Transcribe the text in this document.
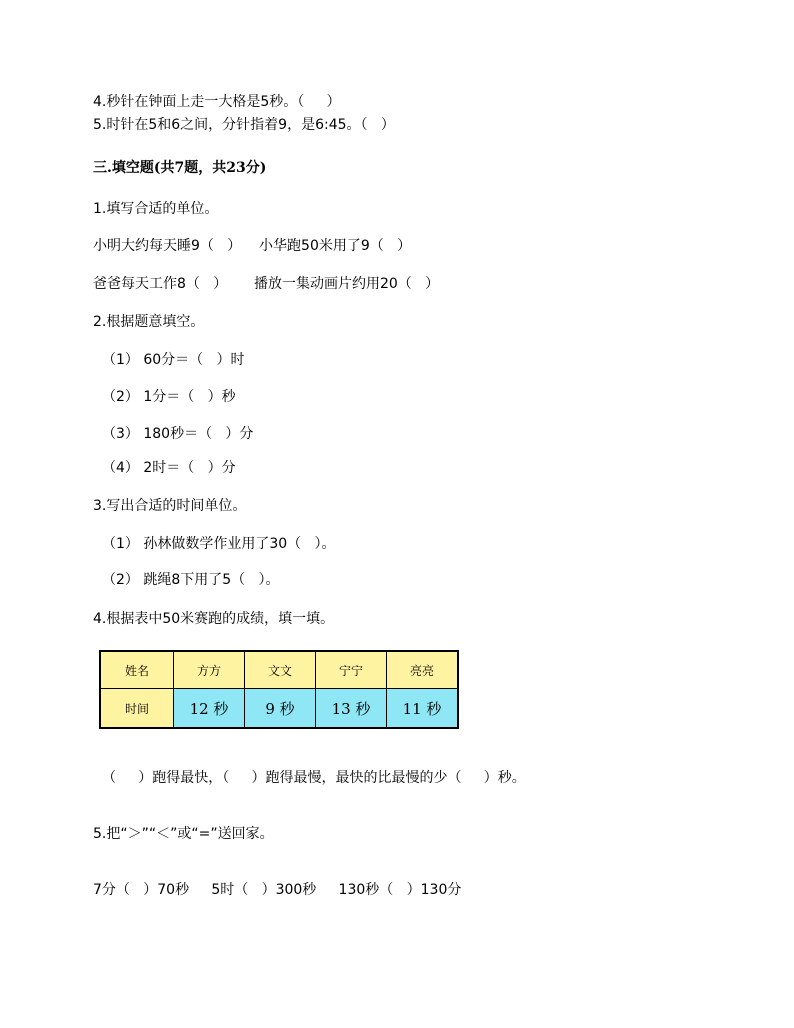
4.秒针在钟面上走一大格是5秒。（     ）
5.时针在5和6之间，分针指着9，是6:45。（   ）
三.填空题(共7题，共23分)
1.填写合适的单位。
小明大约每天睡9（   ）    小华跑50米用了9（   ）
爸爸每天工作8（   ）      播放一集动画片约用20（   ）
2.根据题意填空。
（1） 60分＝（   ）时
（2） 1分＝（   ）秒
（3） 180秒＝（   ）分
（4） 2时＝（   ）分
3.写出合适的时间单位。
（1） 孙林做数学作业用了30（   ）。
（2） 跳绳8下用了5（   ）。
4.根据表中50米赛跑的成绩，填一填。
姓名	方方	文文	宁宁	亮亮
时间	12 秒	9 秒	13 秒	11 秒
（     ）跑得最快，（     ）跑得最慢，最快的比最慢的少（     ）秒。
5.把“＞”“＜”或“=”送回家。
7分（   ）70秒     5时（   ）300秒     130秒（   ）130分
